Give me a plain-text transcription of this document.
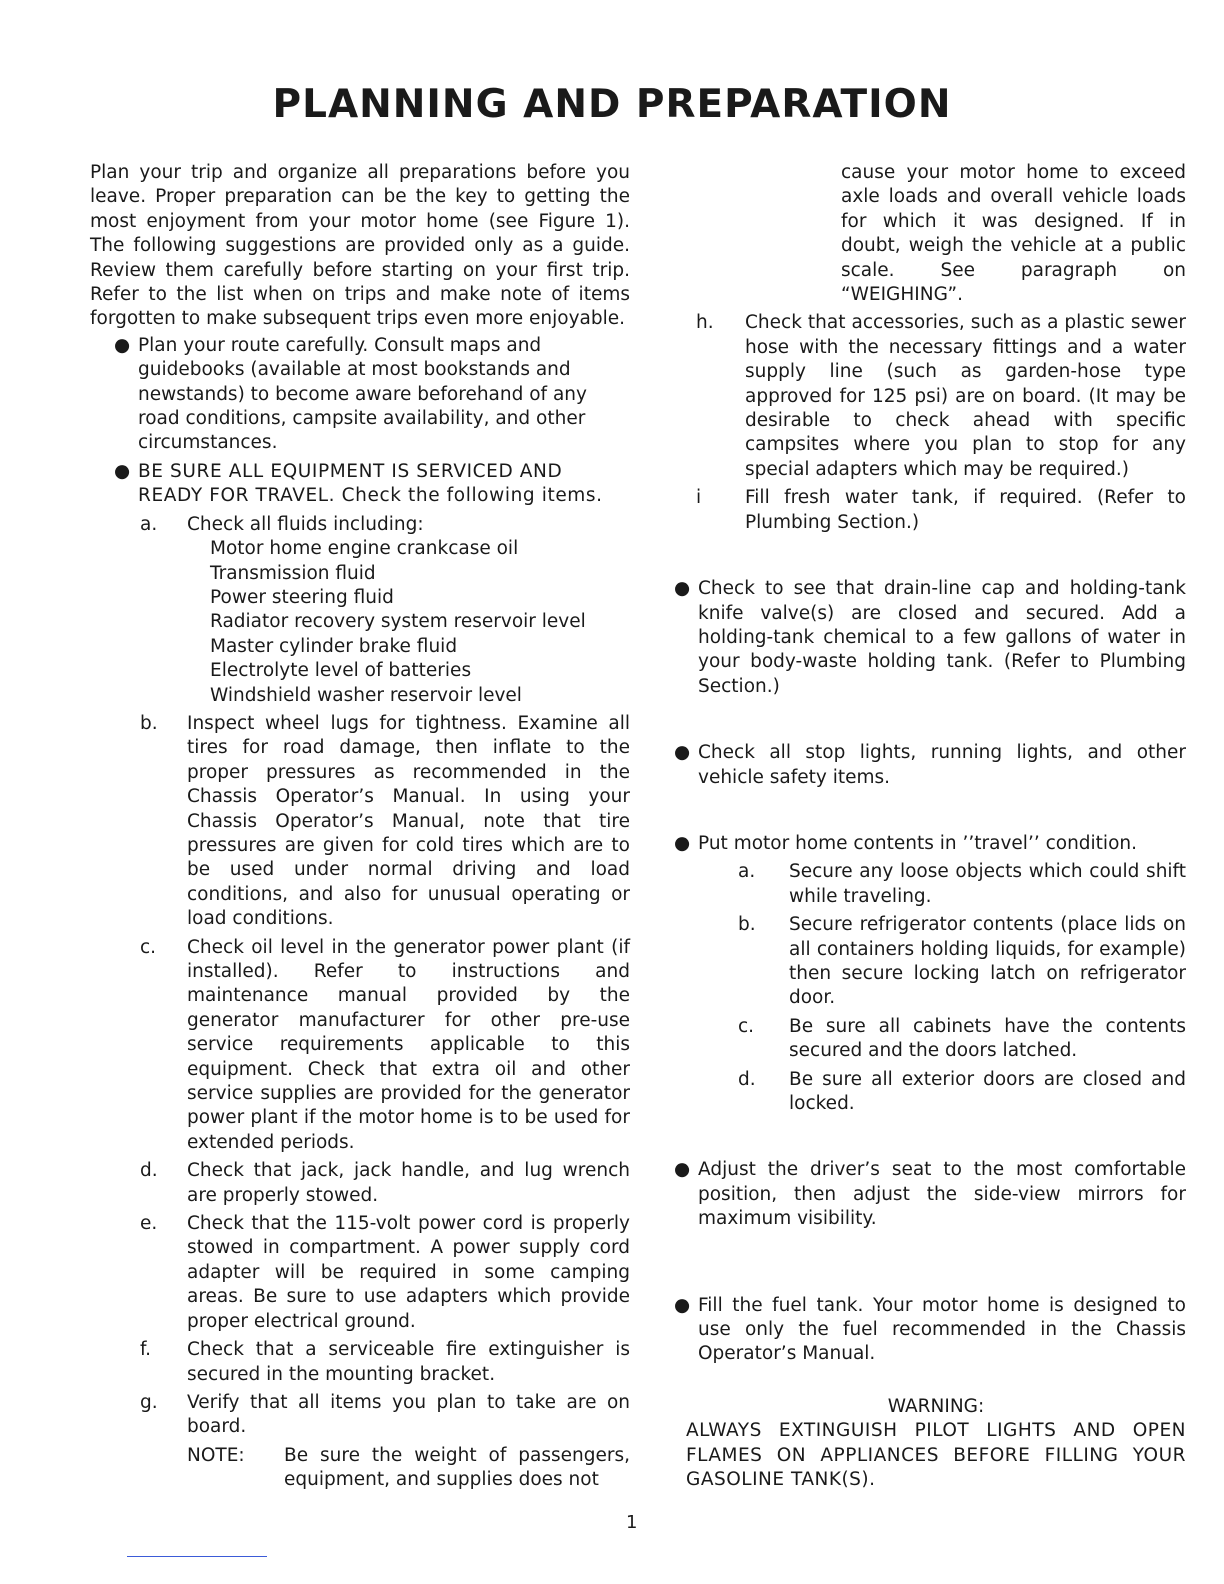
PLANNING AND PREPARATION

Plan your trip and organize all preparations before you leave. Proper preparation can be the key to getting the most enjoyment from your motor home (see Figure 1). The following suggestions are provided only as a guide. Review them carefully before starting on your first trip. Refer to the list when on trips and make note of items forgotten to make subsequent trips even more enjoyable.

● Plan your route carefully. Consult maps and guidebooks (available at most bookstands and newstands) to become aware beforehand of any road conditions, campsite availability, and other circumstances.
● BE SURE ALL EQUIPMENT IS SERVICED AND READY FOR TRAVEL. Check the following items.
a. Check all fluids including:
Motor home engine crankcase oil
Transmission fluid
Power steering fluid
Radiator recovery system reservoir level
Master cylinder brake fluid
Electrolyte level of batteries
Windshield washer reservoir level
b. Inspect wheel lugs for tightness. Examine all tires for road damage, then inflate to the proper pressures as recommended in the Chassis Operator’s Manual. In using your Chassis Operator’s Manual, note that tire pressures are given for cold tires which are to be used under normal driving and load conditions, and also for unusual operating or load conditions.
c. Check oil level in the generator power plant (if installed). Refer to instructions and maintenance manual provided by the generator manufacturer for other pre-use service requirements applicable to this equipment. Check that extra oil and other service supplies are provided for the generator power plant if the motor home is to be used for extended periods.
d. Check that jack, jack handle, and lug wrench are properly stowed.
e. Check that the 115-volt power cord is properly stowed in compartment. A power supply cord adapter will be required in some camping areas. Be sure to use adapters which provide proper electrical ground.
f. Check that a serviceable fire extinguisher is secured in the mounting bracket.
g. Verify that all items you plan to take are on board.
NOTE: Be sure the weight of passengers, equipment, and supplies does not

cause your motor home to exceed axle loads and overall vehicle loads for which it was designed. If in doubt, weigh the vehicle at a public scale. See paragraph on “WEIGHING”.

h. Check that accessories, such as a plastic sewer hose with the necessary fittings and a water supply line (such as garden-hose type approved for 125 psi) are on board. (It may be desirable to check ahead with specific campsites where you plan to stop for any special adapters which may be required.)
i Fill fresh water tank, if required. (Refer to Plumbing Section.)
● Check to see that drain-line cap and holding-tank knife valve(s) are closed and secured. Add a holding-tank chemical to a few gallons of water in your body-waste holding tank. (Refer to Plumbing Section.)
● Check all stop lights, running lights, and other vehicle safety items.
● Put motor home contents in ’’travel’’ condition.
a. Secure any loose objects which could shift while traveling.
b. Secure refrigerator contents (place lids on all containers holding liquids, for example) then secure locking latch on refrigerator door.
c. Be sure all cabinets have the contents secured and the doors latched.
d. Be sure all exterior doors are closed and locked.
● Adjust the driver’s seat to the most comfortable position, then adjust the side-view mirrors for maximum visibility.
● Fill the fuel tank. Your motor home is designed to use only the fuel recommended in the Chassis Operator’s Manual.

WARNING:

ALWAYS EXTINGUISH PILOT LIGHTS AND OPEN FLAMES ON APPLIANCES BEFORE FILLING YOUR GASOLINE TANK(S).

1
